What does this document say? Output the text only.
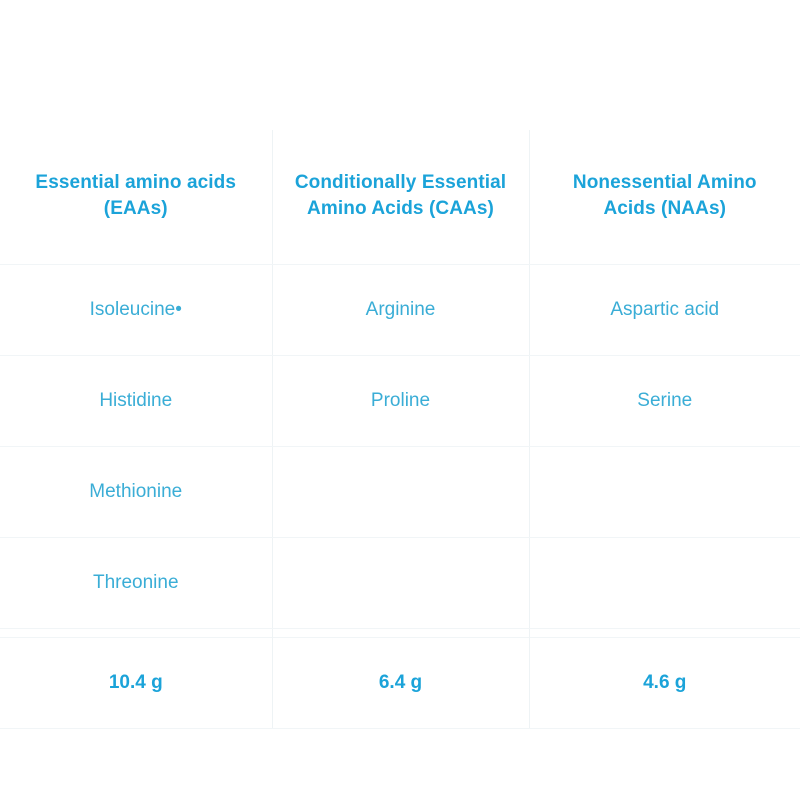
Essential amino acids (EAAs)	Conditionally Essential Amino Acids (CAAs)	Nonessential Amino Acids (NAAs)
Isoleucine•	Arginine	Aspartic acid
Histidine	Proline	Serine
Methionine		
Threonine		

10.4 g	6.4 g	4.6 g
